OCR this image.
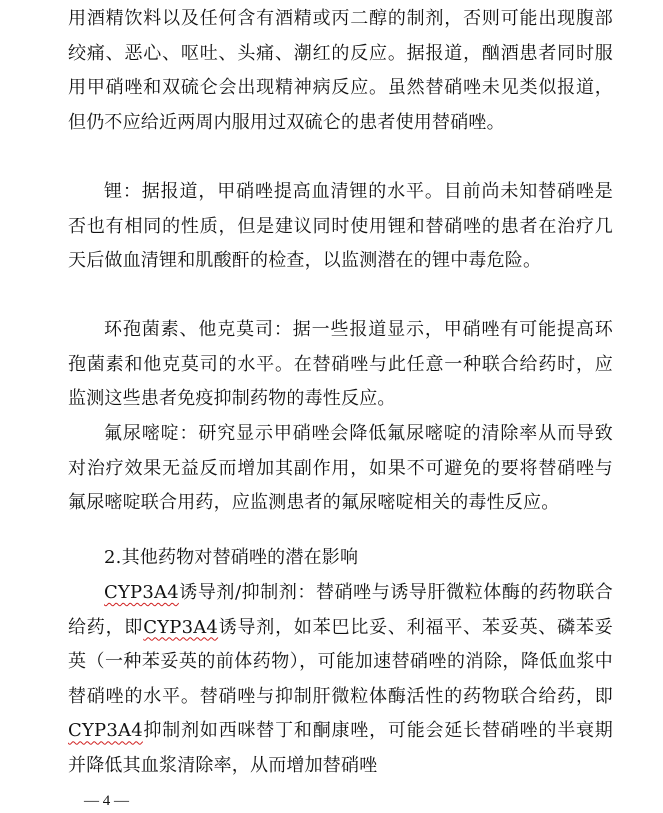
用酒精饮料以及任何含有酒精或丙二醇的制剂，否则可能出现腹部绞痛、恶心、呕吐、头痛、潮红的反应。据报道，酗酒患者同时服用甲硝唑和双硫仑会出现精神病反应。虽然替硝唑未见类似报道，但仍不应给近两周内服用过双硫仑的患者使用替硝唑。

锂：据报道，甲硝唑提高血清锂的水平。目前尚未知替硝唑是否也有相同的性质，但是建议同时使用锂和替硝唑的患者在治疗几天后做血清锂和肌酸酐的检查，以监测潜在的锂中毒危险。

环孢菌素、他克莫司：据一些报道显示，甲硝唑有可能提高环孢菌素和他克莫司的水平。在替硝唑与此任意一种联合给药时，应监测这些患者免疫抑制药物的毒性反应。

氟尿嘧啶：研究显示甲硝唑会降低氟尿嘧啶的清除率从而导致对治疗效果无益反而增加其副作用，如果不可避免的要将替硝唑与氟尿嘧啶联合用药，应监测患者的氟尿嘧啶相关的毒性反应。

2.其他药物对替硝唑的潜在影响

CYP3A4诱导剂/抑制剂：替硝唑与诱导肝微粒体酶的药物联合给药，即CYP3A4诱导剂，如苯巴比妥、利福平、苯妥英、磷苯妥英（一种苯妥英的前体药物），可能加速替硝唑的消除，降低血浆中替硝唑的水平。替硝唑与抑制肝微粒体酶活性的药物联合给药，即CYP3A4抑制剂如西咪替丁和酮康唑，可能会延长替硝唑的半衰期并降低其血浆清除率，从而增加替硝唑

— 4 —
